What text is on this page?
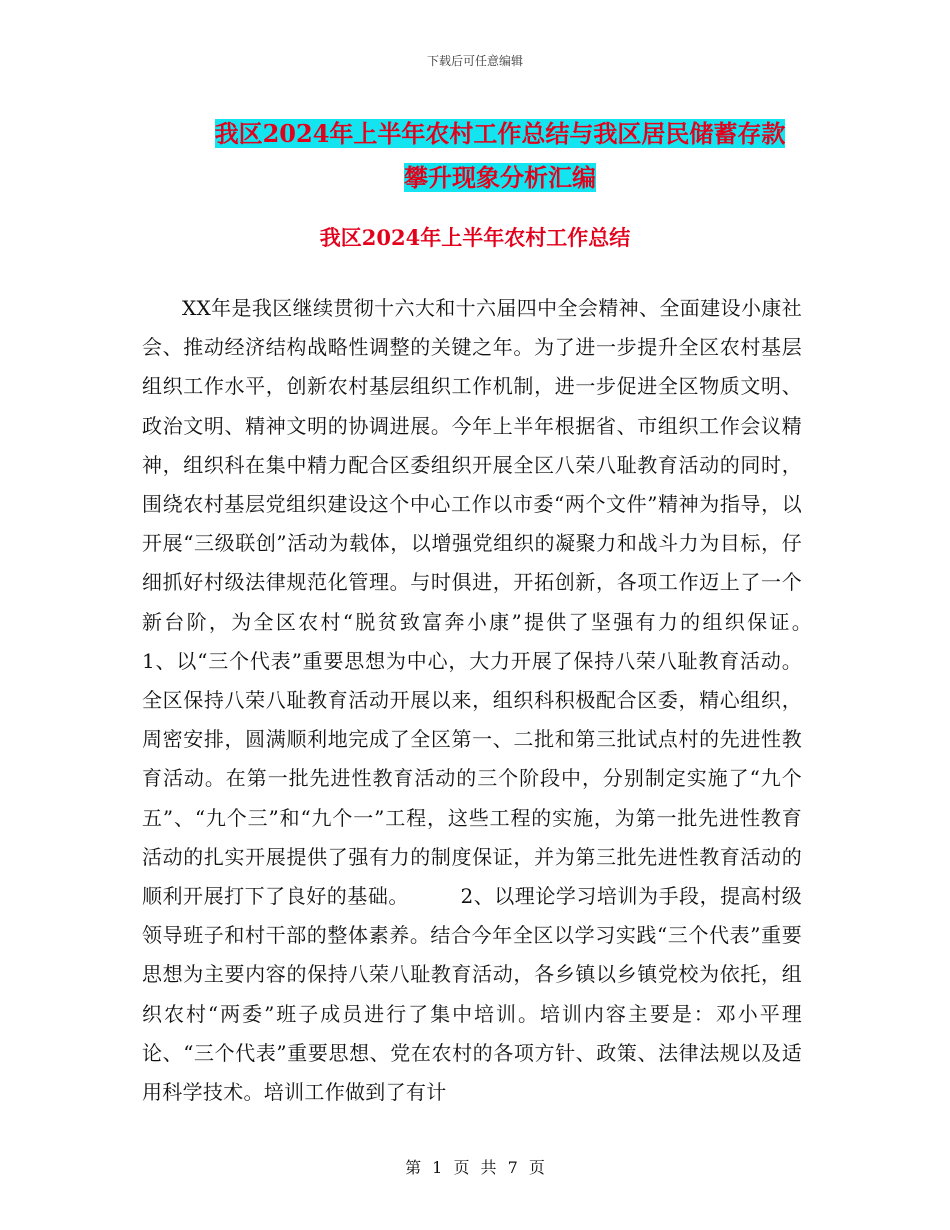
下载后可任意编辑
我区2024年上半年农村工作总结与我区居民储蓄存款
攀升现象分析汇编
我区2024年上半年农村工作总结

XX年是我区继续贯彻十六大和十六届四中全会精神、全面建设小康社会、推动经济结构战略性调整的关键之年。为了进一步提升全区农村基层组织工作水平，创新农村基层组织工作机制，进一步促进全区物质文明、政治文明、精神文明的协调进展。今年上半年根据省、市组织工作会议精神，组织科在集中精力配合区委组织开展全区八荣八耻教育活动的同时，围绕农村基层党组织建设这个中心工作以市委“两个文件”精神为指导，以开展“三级联创”活动为载体，以增强党组织的凝聚力和战斗力为目标，仔细抓好村级法律规范化管理。与时俱进，开拓创新，各项工作迈上了一个新台阶，为全区农村“脱贫致富奔小康”提供了坚强有力的组织保证。　　　1、以“三个代表”重要思想为中心，大力开展了保持八荣八耻教育活动。全区保持八荣八耻教育活动开展以来，组织科积极配合区委，精心组织，周密安排，圆满顺利地完成了全区第一、二批和第三批试点村的先进性教育活动。在第一批先进性教育活动的三个阶段中，分别制定实施了“九个五”、“九个三”和“九个一”工程，这些工程的实施，为第一批先进性教育活动的扎实开展提供了强有力的制度保证，并为第三批先进性教育活动的顺利开展打下了良好的基础。　　　2、以理论学习培训为手段，提高村级领导班子和村干部的整体素养。结合今年全区以学习实践“三个代表”重要思想为主要内容的保持八荣八耻教育活动，各乡镇以乡镇党校为依托，组织农村“两委”班子成员进行了集中培训。培训内容主要是：邓小平理论、“三个代表”重要思想、党在农村的各项方针、政策、法律法规以及适用科学技术。培训工作做到了有计

第 1 页 共 7 页
